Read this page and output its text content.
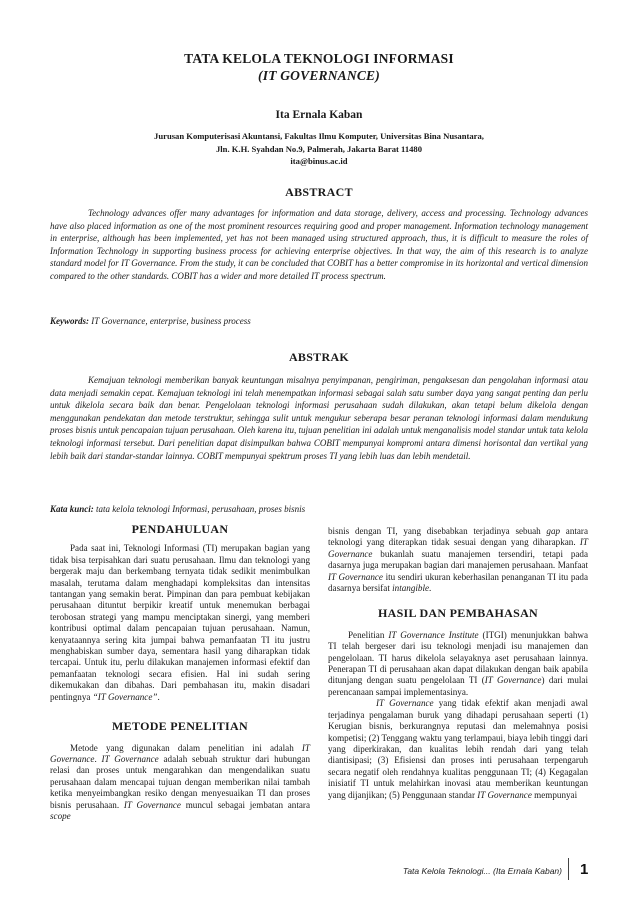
TATA KELOLA TEKNOLOGI INFORMASI
(IT GOVERNANCE)
Ita Ernala Kaban
Jurusan Komputerisasi Akuntansi, Fakultas Ilmu Komputer, Universitas Bina Nusantara,
Jln. K.H. Syahdan No.9, Palmerah, Jakarta Barat 11480
ita@binus.ac.id
ABSTRACT

Technology advances offer many advantages for information and data storage, delivery, access and processing. Technology advances have also placed information as one of the most prominent resources requiring good and proper management. Information technology management in enterprise, although has been implemented, yet has not been managed using structured approach, thus, it is difficult to measure the roles of Information Technology in supporting business process for achieving enterprise objectives. In that way, the aim of this research is to analyze standard model for IT Governance. From the study, it can be concluded that COBIT has a better compromise in its horizontal and vertical dimension compared to the other standards. COBIT has a wider and more detailed IT process spectrum.

Keywords: IT Governance, enterprise, business process

ABSTRAK

Kemajuan teknologi memberikan banyak keuntungan misalnya penyimpanan, pengiriman, pengaksesan dan pengolahan informasi atau data menjadi semakin cepat. Kemajuan teknologi ini telah menempatkan informasi sebagai salah satu sumber daya yang sangat penting dan perlu untuk dikelola secara baik dan benar. Pengelolaan teknologi informasi perusahaan sudah dilakukan, akan tetapi belum dikelola dengan menggunakan pendekatan dan metode terstruktur, sehingga sulit untuk mengukur seberapa besar peranan teknologi informasi dalam mendukung proses bisnis untuk pencapaian tujuan perusahaan. Oleh karena itu, tujuan penelitian ini adalah untuk menganalisis model standar untuk tata kelola teknologi informasi tersebut. Dari penelitian dapat disimpulkan bahwa COBIT mempunyai kompromi antara dimensi horisontal dan vertikal yang lebih baik dari standar-standar lainnya. COBIT mempunyai spektrum proses TI yang lebih luas dan lebih mendetail.

Kata kunci: tata kelola teknologi Informasi, perusahaan, proses bisnis

PENDAHULUAN

Pada saat ini, Teknologi Informasi (TI) merupakan bagian yang tidak bisa terpisahkan dari suatu perusahaan. Ilmu dan teknologi yang bergerak maju dan berkembang ternyata tidak sedikit menimbulkan masalah, terutama dalam menghadapi kompleksitas dan intensitas tantangan yang semakin berat. Pimpinan dan para pembuat kebijakan perusahaan dituntut berpikir kreatif untuk menemukan berbagai terobosan strategi yang mampu menciptakan sinergi, yang memberi kontribusi optimal dalam pencapaian tujuan perusahaan. Namun, kenyataannya sering kita jumpai bahwa pemanfaatan TI itu justru menghabiskan sumber daya, sementara hasil yang diharapkan tidak tercapai. Untuk itu, perlu dilakukan manajemen informasi efektif dan pemanfaatan teknologi secara efisien. Hal ini sudah sering dikemukakan dan dibahas. Dari pembahasan itu, makin disadari pentingnya “IT Governance”.

METODE PENELITIAN

Metode yang digunakan dalam penelitian ini adalah IT Governance. IT Governance adalah sebuah struktur dari hubungan relasi dan proses untuk mengarahkan dan mengendalikan suatu perusahaan dalam mencapai tujuan dengan memberikan nilai tambah ketika menyeimbangkan resiko dengan menyesuaikan TI dan proses bisnis perusahaan. IT Governance muncul sebagai jembatan antara scope

bisnis dengan TI, yang disebabkan terjadinya sebuah gap antara teknologi yang diterapkan tidak sesuai dengan yang diharapkan. IT Governance bukanlah suatu manajemen tersendiri, tetapi pada dasarnya juga merupakan bagian dari manajemen perusahaan. Manfaat IT Governance itu sendiri ukuran keberhasilan penanganan TI itu pada dasarnya bersifat intangible.

HASIL DAN PEMBAHASAN

Penelitian IT Governance Institute (ITGI) menunjukkan bahwa TI telah bergeser dari isu teknologi menjadi isu manajemen dan pengelolaan. TI harus dikelola selayaknya aset perusahaan lainnya. Penerapan TI di perusahaan akan dapat dilakukan dengan baik apabila ditunjang dengan suatu pengelolaan TI (IT Governance) dari mulai perencanaan sampai implementasinya.

IT Governance yang tidak efektif akan menjadi awal terjadinya pengalaman buruk yang dihadapi perusahaan seperti (1) Kerugian bisnis, berkurangnya reputasi dan melemahnya posisi kompetisi; (2) Tenggang waktu yang terlampaui, biaya lebih tinggi dari yang diperkirakan, dan kualitas lebih rendah dari yang telah diantisipasi; (3) Efisiensi dan proses inti perusahaan terpengaruh secara negatif oleh rendahnya kualitas penggunaan TI; (4) Kegagalan inisiatif TI untuk melahirkan inovasi atau memberikan keuntungan yang dijanjikan; (5) Penggunaan standar IT Governance mempunyai

Tata Kelola Teknologi... (Ita Ernala Kaban) 1
